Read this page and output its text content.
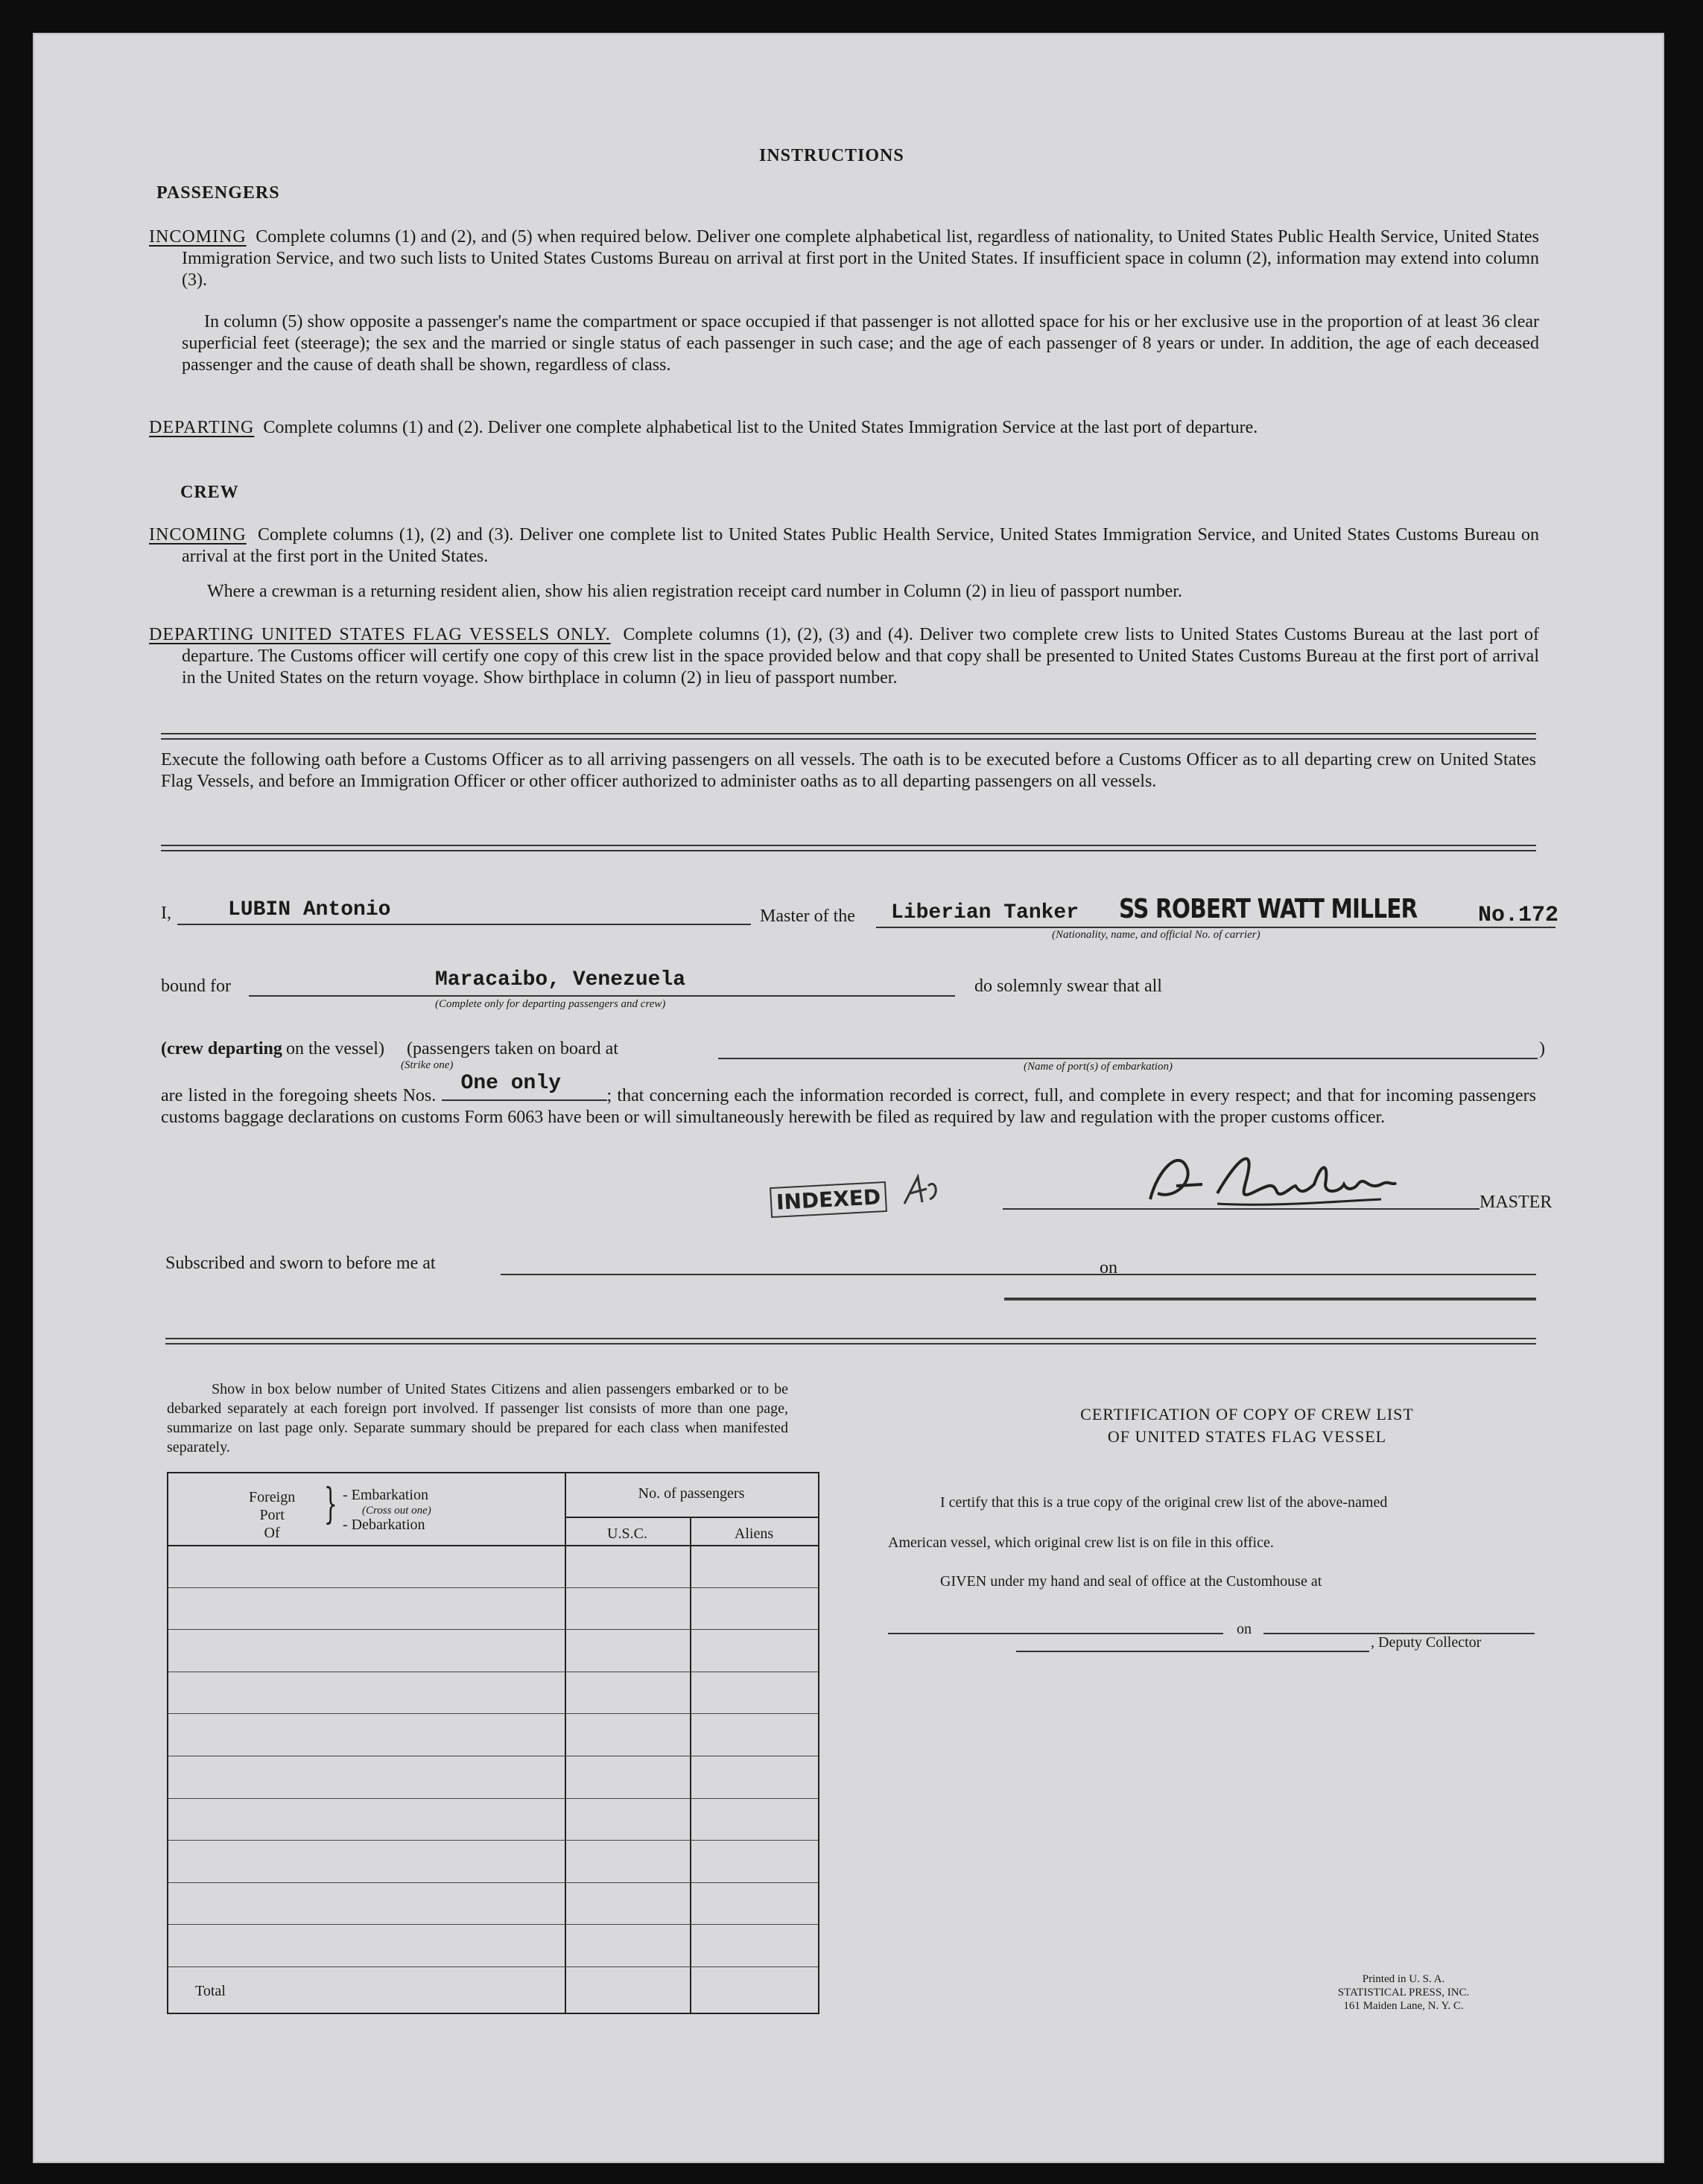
INSTRUCTIONS
PASSENGERS
INCOMING Complete columns (1) and (2), and (5) when required below. Deliver one complete alphabetical list, regardless of nationality, to United States Public Health Service, United States Immigration Service, and two such lists to United States Customs Bureau on arrival at first port in the United States. If insufficient space in column (2), information may extend into column (3).
In column (5) show opposite a passenger's name the compartment or space occupied if that passenger is not allotted space for his or her exclusive use in the proportion of at least 36 clear superficial feet (steerage); the sex and the married or single status of each passenger in such case; and the age of each passenger of 8 years or under. In addition, the age of each deceased passenger and the cause of death shall be shown, regardless of class.
DEPARTING Complete columns (1) and (2). Deliver one complete alphabetical list to the United States Immigration Service at the last port of departure.
CREW
INCOMING Complete columns (1), (2) and (3). Deliver one complete list to United States Public Health Service, United States Immigration Service, and United States Customs Bureau on arrival at the first port in the United States.
Where a crewman is a returning resident alien, show his alien registration receipt card number in Column (2) in lieu of passport number.
DEPARTING UNITED STATES FLAG VESSELS ONLY. Complete columns (1), (2), (3) and (4). Deliver two complete crew lists to United States Customs Bureau at the last port of departure. The Customs officer will certify one copy of this crew list in the space provided below and that copy shall be presented to United States Customs Bureau at the first port of arrival in the United States on the return voyage. Show birthplace in column (2) in lieu of passport number.
Execute the following oath before a Customs Officer as to all arriving passengers on all vessels. The oath is to be executed before a Customs Officer as to all departing crew on United States Flag Vessels, and before an Immigration Officer or other officer authorized to administer oaths as to all departing passengers on all vessels.
I,	LUBIN Antonio	Master of the Liberian Tanker SS ROBERT WATT MILLER	No.172
(Nationality, name, and official No. of carrier)
bound for	Maracaibo, Venezuela
(Complete only for departing passengers and crew)
do solemnly swear that all
(crew departing on the vessel) (passengers taken on board at	)
(Strike one)	(Name of port(s) of embarkation)
are listed in the foregoing sheets Nos.
One only
; that concerning each the information recorded is correct, full, and complete in every respect; and that for incoming passengers customs baggage declarations on customs Form 6063 have been or will simultaneously herewith be filed as required by law and regulation with the proper customs officer.
INDEXED
A. Lubin
MASTER
Subscribed and sworn to before me at	on
Show in box below number of United States Citizens and alien passengers embarked or to be debarked separately at each foreign port involved. If passenger list consists of more than one page, summarize on last page only. Separate summary should be prepared for each class when manifested separately.
Foreign
Port
Of
} - Embarkation
(Cross out one)
- Debarkation
No. of passengers
U.S.C.	Aliens
Total
CERTIFICATION OF COPY OF CREW LIST
OF UNITED STATES FLAG VESSEL
I certify that this is a true copy of the original crew list of the above-named
American vessel, which original crew list is on file in this office.
GIVEN under my hand and seal of office at the Customhouse at
on
, Deputy Collector
Printed in U. S. A.
STATISTICAL PRESS, INC.
161 Maiden Lane, N. Y. C.
